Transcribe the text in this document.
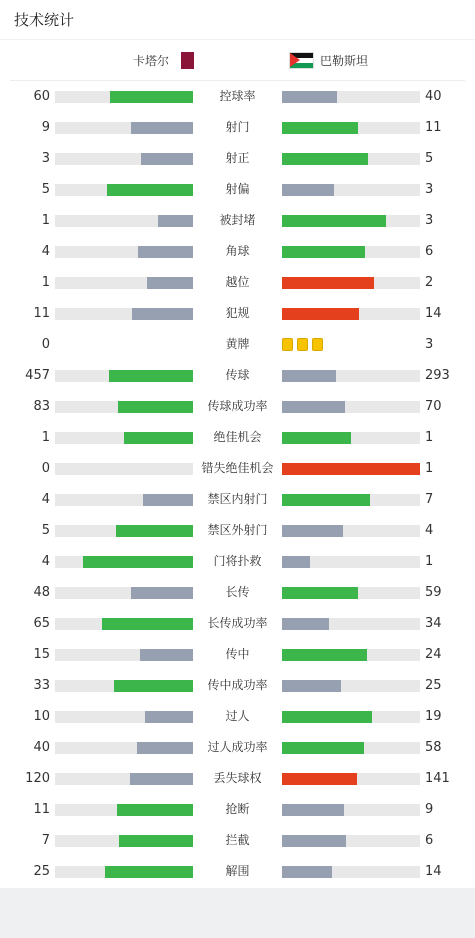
技术统计
卡塔尔	巴勒斯坦
60	控球率	40
9	射门	11
3	射正	5
5	射偏	3
1	被封堵	3
4	角球	6
1	越位	2
11	犯规	14
0	黄牌	3
457	传球	293
83	传球成功率	70
1	绝佳机会	1
0	错失绝佳机会	1
4	禁区内射门	7
5	禁区外射门	4
4	门将扑救	1
48	长传	59
65	长传成功率	34
15	传中	24
33	传中成功率	25
10	过人	19
40	过人成功率	58
120	丢失球权	141
11	抢断	9
7	拦截	6
25	解围	14
